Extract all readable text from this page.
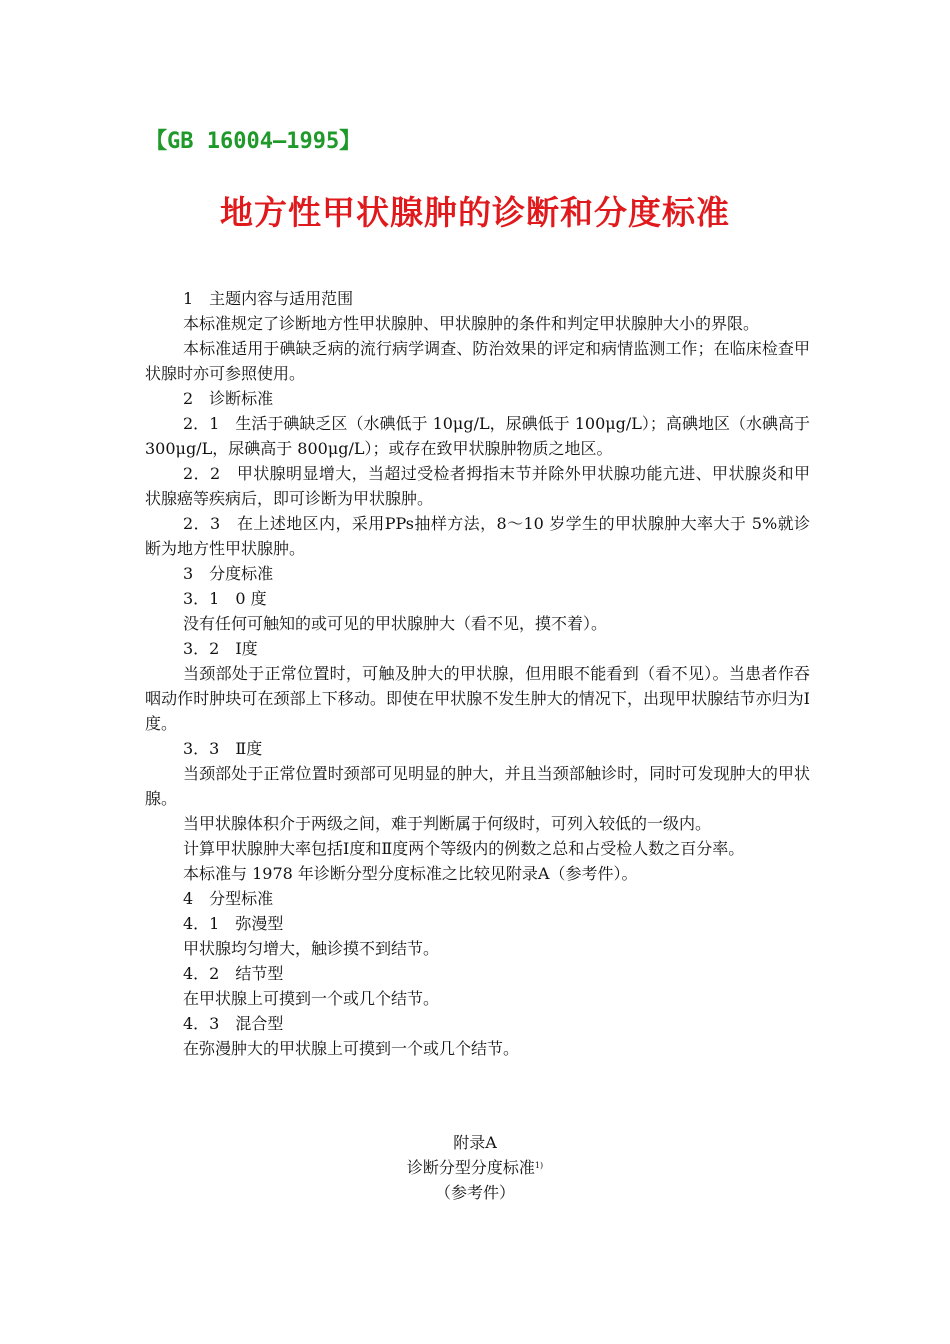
【GB 16004—1995】
地方性甲状腺肿的诊断和分度标准

1　主题内容与适用范围

本标准规定了诊断地方性甲状腺肿、甲状腺肿的条件和判定甲状腺肿大小的界限。

本标准适用于碘缺乏病的流行病学调查、防治效果的评定和病情监测工作；在临床检查甲状腺时亦可参照使用。

2　诊断标准

2．1　生活于碘缺乏区（水碘低于 10μg/L，尿碘低于 100μg/L）；高碘地区（水碘高于 300μg/L，尿碘高于 800μg/L）；或存在致甲状腺肿物质之地区。

2．2　甲状腺明显增大，当超过受检者拇指末节并除外甲状腺功能亢进、甲状腺炎和甲状腺癌等疾病后，即可诊断为甲状腺肿。

2．3　在上述地区内，采用PPs抽样方法，8～10 岁学生的甲状腺肿大率大于 5%就诊断为地方性甲状腺肿。

3　分度标准

3．1　0 度

没有任何可触知的或可见的甲状腺肿大（看不见，摸不着）。

3．2　Ⅰ度

当颈部处于正常位置时，可触及肿大的甲状腺，但用眼不能看到（看不见）。当患者作吞咽动作时肿块可在颈部上下移动。即使在甲状腺不发生肿大的情况下，出现甲状腺结节亦归为I度。

3．3　Ⅱ度

当颈部处于正常位置时颈部可见明显的肿大，并且当颈部触诊时，同时可发现肿大的甲状腺。

当甲状腺体积介于两级之间，难于判断属于何级时，可列入较低的一级内。

计算甲状腺肿大率包括I度和Ⅱ度两个等级内的例数之总和占受检人数之百分率。

本标准与 1978 年诊断分型分度标准之比较见附录A（参考件）。

4　分型标准

4．1　弥漫型

甲状腺均匀增大，触诊摸不到结节。

4．2　结节型

在甲状腺上可摸到一个或几个结节。

4．3　混合型

在弥漫肿大的甲状腺上可摸到一个或几个结节。

附录A
诊断分型分度标准$^{1)}$
（参考件）
